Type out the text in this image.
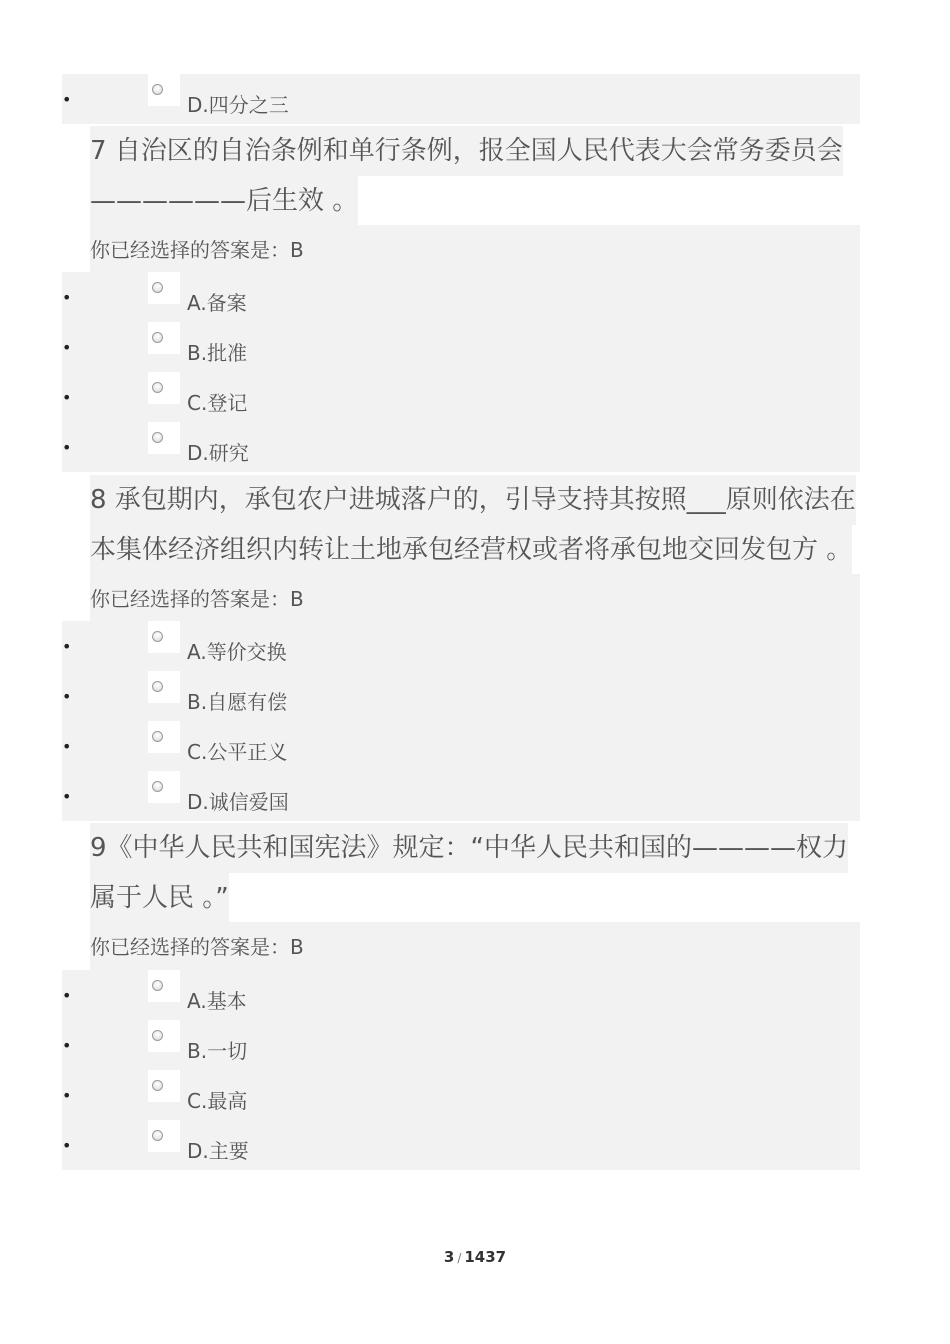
•	D.四分之三
7 自治区的自治条例和单行条例，报全国人民代表大会常务委员会
——————后生效 。
你已经选择的答案是：B
•	A.备案
•	B.批准
•	C.登记
•	D.研究
8 承包期内，承包农户进城落户的，引导支持其按照___原则依法在
本集体经济组织内转让土地承包经营权或者将承包地交回发包方 。
你已经选择的答案是：B
•	A.等价交换
•	B.自愿有偿
•	C.公平正义
•	D.诚信爱国
9《中华人民共和国宪法》规定：“中华人民共和国的————权力
属于人民 。”
你已经选择的答案是：B
•	A.基本
•	B.一切
•	C.最高
•	D.主要
3 / 1437
